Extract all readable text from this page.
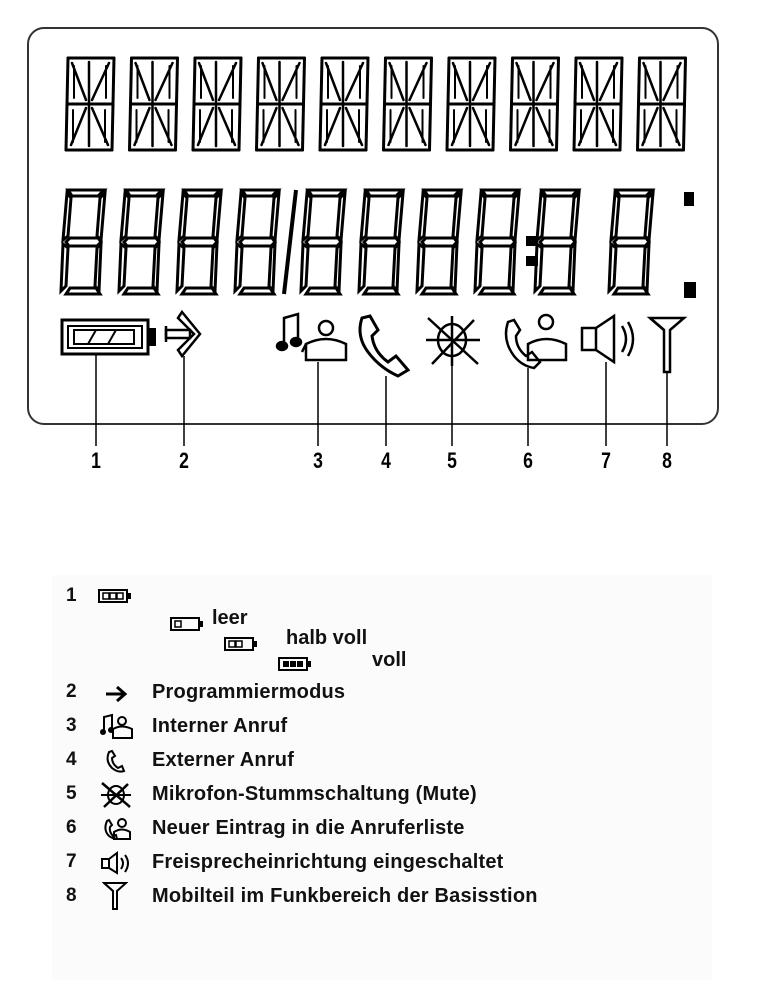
1	2	3	4	5	6	7 8
1
leer
halb voll
voll
2	Programmiermodus
3	Interner Anruf
4	Externer Anruf
5	Mikrofon-Stummschaltung (Mute)
6	Neuer Eintrag in die Anruferliste
7	Freisprecheinrichtung eingeschaltet
8	Mobilteil im Funkbereich der Basisstion
